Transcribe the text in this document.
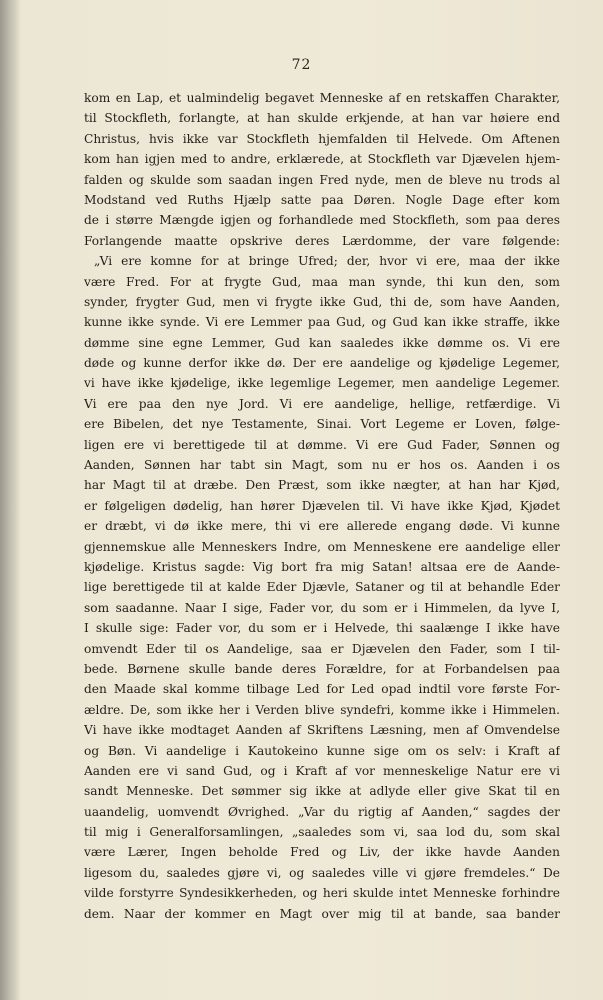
72
kom en Lap, et ualmindelig begavet Menneske af en retskaffen Charakter,
til Stockfleth, forlangte, at han skulde erkjende, at han var høiere end
Christus, hvis ikke var Stockfleth hjemfalden til Helvede. Om Aftenen
kom han igjen med to andre, erklærede, at Stockfleth var Djævelen hjem-
falden og skulde som saadan ingen Fred nyde, men de bleve nu trods al
Modstand ved Ruths Hjælp satte paa Døren. Nogle Dage efter kom
de i større Mængde igjen og forhandlede med Stockfleth, som paa deres
Forlangende maatte opskrive deres Lærdomme, der vare følgende:
„Vi ere komne for at bringe Ufred; der, hvor vi ere, maa der ikke
være Fred. For at frygte Gud, maa man synde, thi kun den, som
synder, frygter Gud, men vi frygte ikke Gud, thi de, som have Aanden,
kunne ikke synde. Vi ere Lemmer paa Gud, og Gud kan ikke straffe, ikke
dømme sine egne Lemmer, Gud kan saaledes ikke dømme os. Vi ere
døde og kunne derfor ikke dø. Der ere aandelige og kjødelige Legemer,
vi have ikke kjødelige, ikke legemlige Legemer, men aandelige Legemer.
Vi ere paa den nye Jord. Vi ere aandelige, hellige, retfærdige. Vi
ere Bibelen, det nye Testamente, Sinai. Vort Legeme er Loven, følge-
ligen ere vi berettigede til at dømme. Vi ere Gud Fader, Sønnen og
Aanden, Sønnen har tabt sin Magt, som nu er hos os. Aanden i os
har Magt til at dræbe. Den Præst, som ikke nægter, at han har Kjød,
er følgeligen dødelig, han hører Djævelen til. Vi have ikke Kjød, Kjødet
er dræbt, vi dø ikke mere, thi vi ere allerede engang døde. Vi kunne
gjennemskue alle Menneskers Indre, om Menneskene ere aandelige eller
kjødelige. Kristus sagde: Vig bort fra mig Satan! altsaa ere de Aande-
lige berettigede til at kalde Eder Djævle, Sataner og til at behandle Eder
som saadanne. Naar I sige, Fader vor, du som er i Himmelen, da lyve I,
I skulle sige: Fader vor, du som er i Helvede, thi saalænge I ikke have
omvendt Eder til os Aandelige, saa er Djævelen den Fader, som I til-
bede. Børnene skulle bande deres Forældre, for at Forbandelsen paa
den Maade skal komme tilbage Led for Led opad indtil vore første For-
ældre. De, som ikke her i Verden blive syndefri, komme ikke i Himmelen.
Vi have ikke modtaget Aanden af Skriftens Læsning, men af Omvendelse
og Bøn. Vi aandelige i Kautokeino kunne sige om os selv: i Kraft af
Aanden ere vi sand Gud, og i Kraft af vor menneskelige Natur ere vi
sandt Menneske. Det sømmer sig ikke at adlyde eller give Skat til en
uaandelig, uomvendt Øvrighed. „Var du rigtig af Aanden,“ sagdes der
til mig i Generalforsamlingen, „saaledes som vi, saa lod du, som skal
være Lærer, Ingen beholde Fred og Liv, der ikke havde Aanden
ligesom du, saaledes gjøre vi, og saaledes ville vi gjøre fremdeles.“ De
vilde forstyrre Syndesikkerheden, og heri skulde intet Menneske forhindre
dem. Naar der kommer en Magt over mig til at bande, saa bander
